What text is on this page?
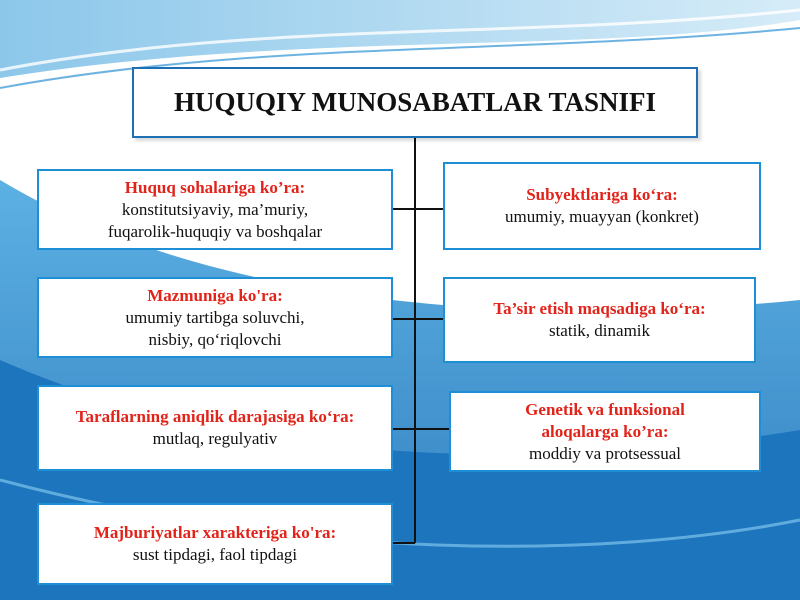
HUQUQIY MUNOSABATLAR TASNIFI
Huquq sohalariga ko’ra:
konstitutsiyaviy, ma’muriy,
fuqarolik-huquqiy va boshqalar
Mazmuniga ko'ra:
umumiy tartibga soluvchi,
nisbiy, qo‘riqlovchi
Taraflarning aniqlik darajasiga ko‘ra:
mutlaq, regulyativ
Majburiyatlar xarakteriga ko'ra:
sust tipdagi, faol tipdagi
Subyektlariga ko‘ra:
umumiy, muayyan (konkret)
Ta’sir etish maqsadiga ko‘ra:
statik, dinamik
Genetik va funksional
aloqalarga ko’ra:
moddiy va protsessual
